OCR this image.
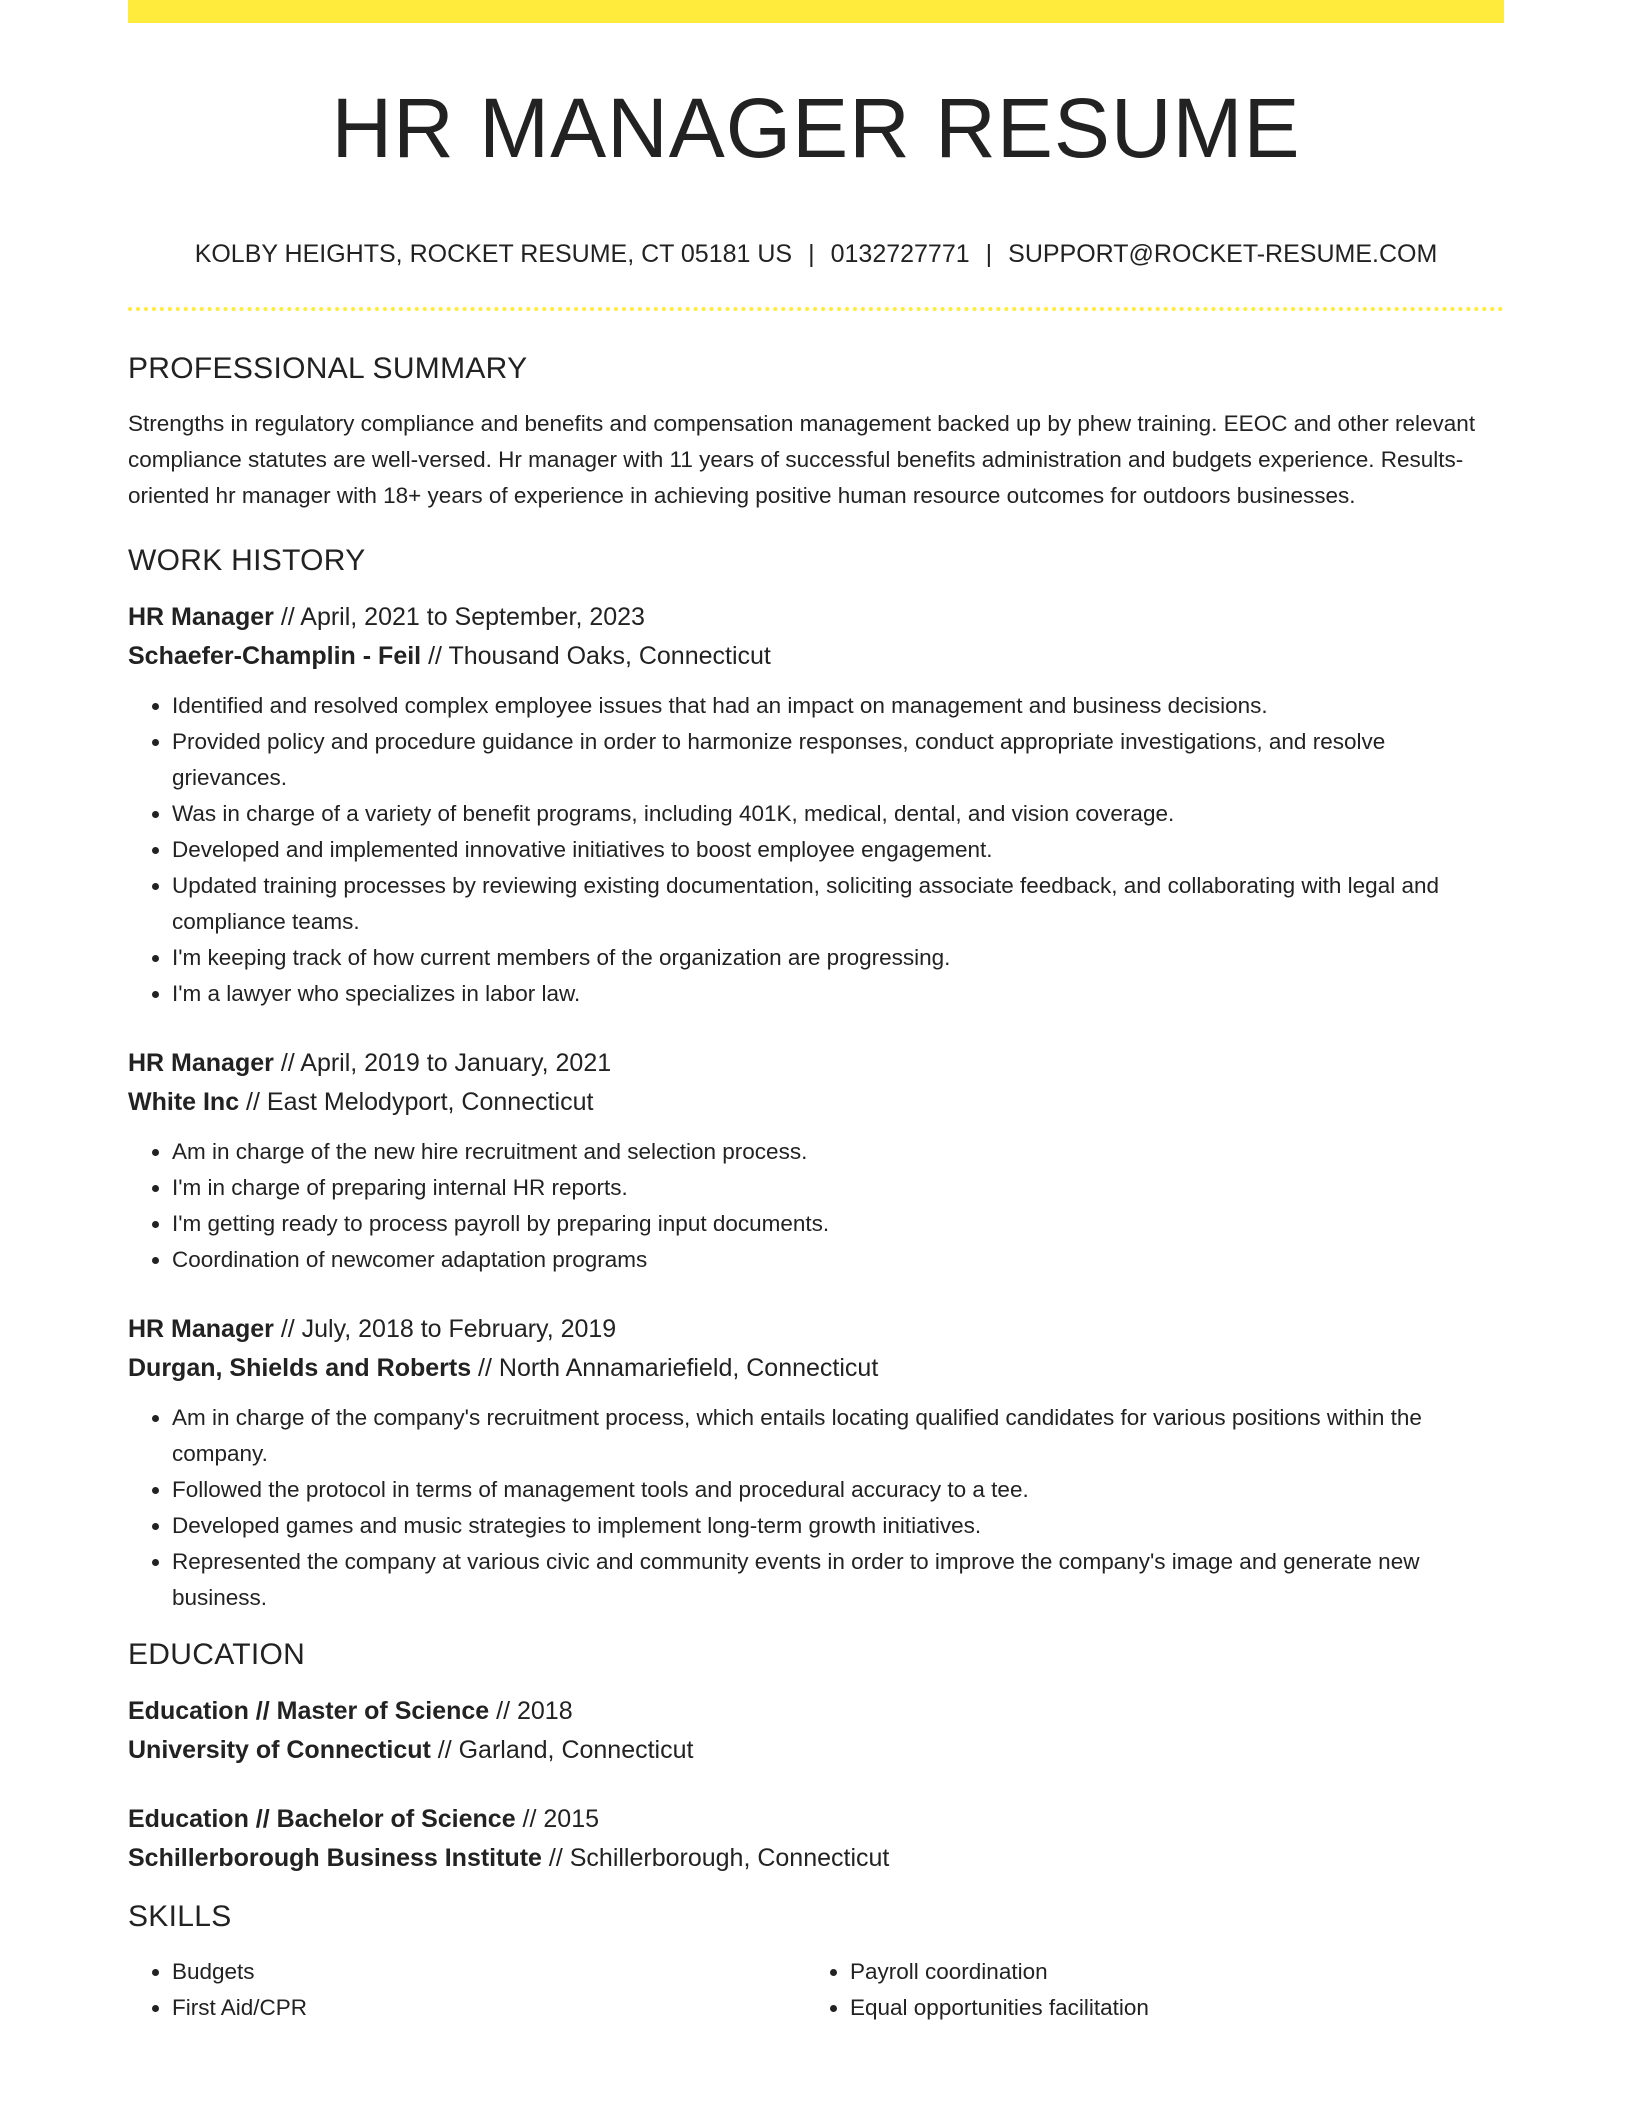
HR MANAGER RESUME
KOLBY HEIGHTS, ROCKET RESUME, CT 05181 US | 0132727771 | SUPPORT@ROCKET-RESUME.COM
PROFESSIONAL SUMMARY

Strengths in regulatory compliance and benefits and compensation management backed up by phew training. EEOC and other relevant compliance statutes are well-versed. Hr manager with 11 years of successful benefits administration and budgets experience. Results-oriented hr manager with 18+ years of experience in achieving positive human resource outcomes for outdoors businesses.

WORK HISTORY
HR Manager // April, 2021 to September, 2023
Schaefer-Champlin - Feil // Thousand Oaks, Connecticut
• Identified and resolved complex employee issues that had an impact on management and business decisions.
• Provided policy and procedure guidance in order to harmonize responses, conduct appropriate investigations, and resolve grievances.
• Was in charge of a variety of benefit programs, including 401K, medical, dental, and vision coverage.
• Developed and implemented innovative initiatives to boost employee engagement.
• Updated training processes by reviewing existing documentation, soliciting associate feedback, and collaborating with legal and compliance teams.
• I'm keeping track of how current members of the organization are progressing.
• I'm a lawyer who specializes in labor law.
HR Manager // April, 2019 to January, 2021
White Inc // East Melodyport, Connecticut
• Am in charge of the new hire recruitment and selection process.
• I'm in charge of preparing internal HR reports.
• I'm getting ready to process payroll by preparing input documents.
• Coordination of newcomer adaptation programs
HR Manager // July, 2018 to February, 2019
Durgan, Shields and Roberts // North Annamariefield, Connecticut
• Am in charge of the company's recruitment process, which entails locating qualified candidates for various positions within the company.
• Followed the protocol in terms of management tools and procedural accuracy to a tee.
• Developed games and music strategies to implement long-term growth initiatives.
• Represented the company at various civic and community events in order to improve the company's image and generate new business.
EDUCATION
Education // Master of Science // 2018
University of Connecticut // Garland, Connecticut
Education // Bachelor of Science // 2015
Schillerborough Business Institute // Schillerborough, Connecticut
SKILLS
• Budgets
• First Aid/CPR
• Payroll coordination
• Equal opportunities facilitation
